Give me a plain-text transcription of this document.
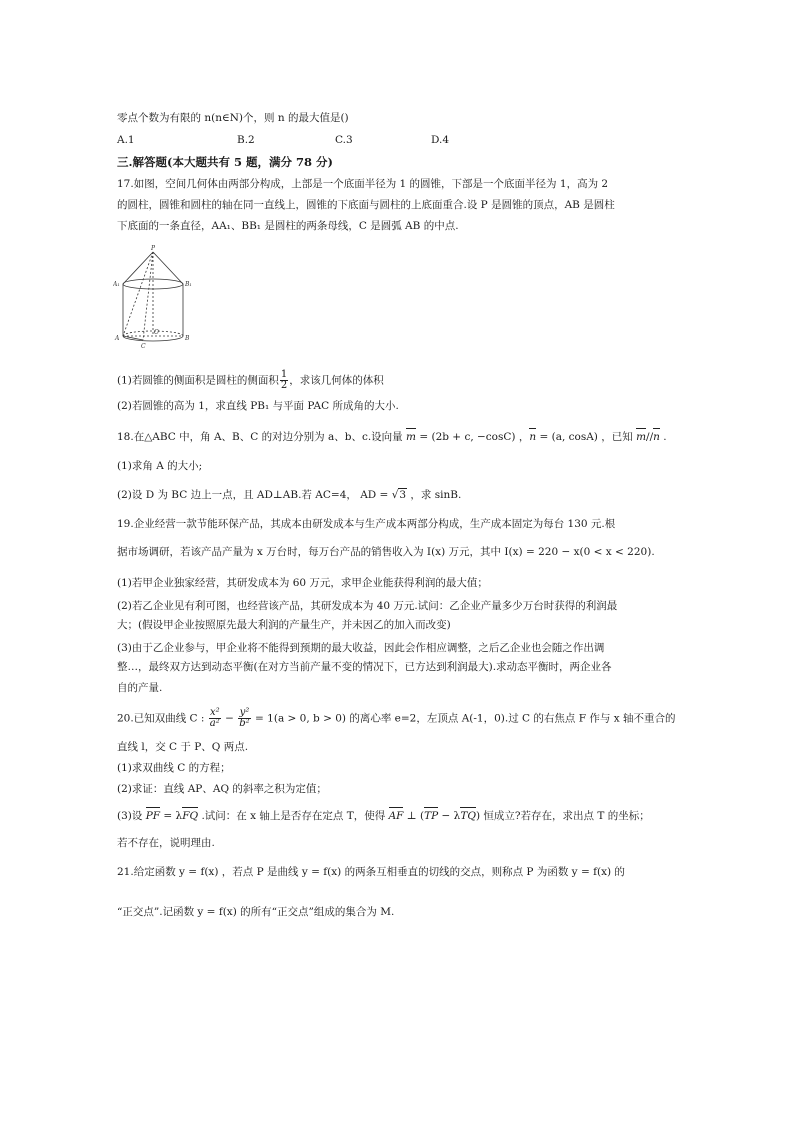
零点个数为有限的 n(n∈N)个，则 n 的最大值是()
A.1	B.2	C.3	D.4
三.解答题(本大题共有 5 题，满分 78 分)
17.如图，空间几何体由两部分构成，上部是一个底面半径为 1 的圆锥，下部是一个底面半径为 1，高为 2
的圆柱，圆锥和圆柱的轴在同一直线上，圆锥的下底面与圆柱的上底面重合.设 P 是圆锥的顶点，AB 是圆柱
下底面的一条直径，AA₁、BB₁ 是圆柱的两条母线，C 是圆弧 AB 的中点.
P
A₁	B₁
O
A	B
C
(1)若圆锥的侧面积是圆柱的侧面积 $\frac{1}{2}$ ，求该几何体的体积
(2)若圆锥的高为 1，求直线 PB₁ 与平面 PAC 所成角的大小.
18.在△ABC 中，角 A、B、C 的对边分别为 a、b、c.设向量 m = (2b + c, −cosC) ，n = (a, cosA) ，已知 m//n .
(1)求角 A 的大小;
(2)设 D 为 BC 边上一点，且 AD⊥AB.若 AC=4， AD = √3 ，求 sinB.
19.企业经营一款节能环保产品，其成本由研发成本与生产成本两部分构成，生产成本固定为每台 130 元.根
据市场调研，若该产品产量为 x 万台时，每万台产品的销售收入为 I(x) 万元，其中 I(x) = 220 − x(0 < x < 220).
(1)若甲企业独家经营，其研发成本为 60 万元，求甲企业能获得利润的最大值；
(2)若乙企业见有利可图，也经营该产品，其研发成本为 40 万元.试问：乙企业产量多少万台时获得的利润最
大；(假设甲企业按照原先最大利润的产量生产，并未因乙的加入而改变)
(3)由于乙企业参与，甲企业将不能得到预期的最大收益，因此会作相应调整，之后乙企业也会随之作出调
整…，最终双方达到动态平衡(在对方当前产量不变的情况下，已方达到利润最大).求动态平衡时，两企业各
自的产量.
20.已知双曲线 C : $\frac{\text{x²}}{\text{a²}} - \frac{\text{y²}}{\text{b²}} = 1(a > 0$, b > 0) 的离心率 e=2，左顶点 A(-1，0).过 C 的右焦点 F 作与 x 轴不重合的
直线 l，交 C 于 P、Q 两点.
(1)求双曲线 C 的方程；
(2)求证：直线 AP、AQ 的斜率之积为定值；
(3)设 PF = λFQ .试问：在 x 轴上是否存在定点 T，使得 AF ⊥ (TP − λTQ) 恒成立?若存在，求出点 T 的坐标；
若不存在，说明理由.
21.给定函数 y = f(x) ，若点 P 是曲线 y = f(x) 的两条互相垂直的切线的交点，则称点 P 为函数 y = f(x) 的
“正交点”.记函数 y = f(x) 的所有“正交点”组成的集合为 M.
